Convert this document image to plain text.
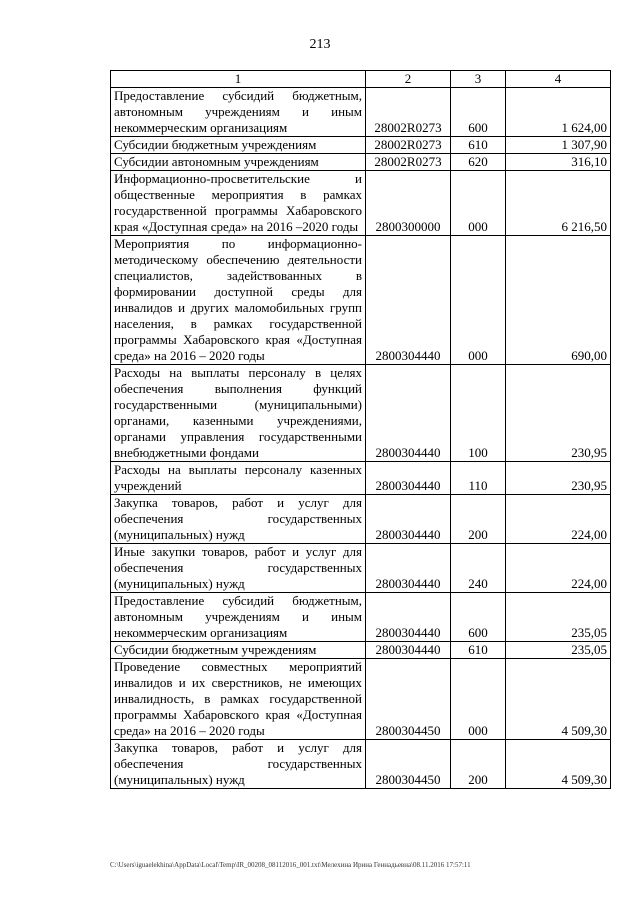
213
1	2	3	4
Предоставление субсидий бюджетным, автономным учреждениям и иным некоммерческим организациям	28002R0273	600	1 624,00
Субсидии бюджетным учреждениям	28002R0273	610	1 307,90
Субсидии автономным учреждениям	28002R0273	620	316,10
Информационно-просветительские и общественные мероприятия в рамках государственной программы Хабаровского края «Доступная среда» на 2016 –2020 годы	2800300000	000	6 216,50
Мероприятия по информационно-методическому обеспечению деятельности специалистов, задействованных в формировании доступной среды для инвалидов и других маломобильных групп населения, в рамках государственной программы Хабаровского края «Доступная среда» на 2016 – 2020 годы	2800304440	000	690,00
Расходы на выплаты персоналу в целях обеспечения выполнения функций государственными (муниципальными) органами, казенными учреждениями, органами управления государственными внебюджетными фондами	2800304440	100	230,95
Расходы на выплаты персоналу казенных учреждений	2800304440	110	230,95
Закупка товаров, работ и услуг для обеспечения государственных (муниципальных) нужд	2800304440	200	224,00
Иные закупки товаров, работ и услуг для обеспечения государственных (муниципальных) нужд	2800304440	240	224,00
Предоставление субсидий бюджетным, автономным учреждениям и иным некоммерческим организациям	2800304440	600	235,05
Субсидии бюджетным учреждениям	2800304440	610	235,05
Проведение совместных мероприятий инвалидов и их сверстников, не имеющих инвалидность, в рамках государственной программы Хабаровского края «Доступная среда» на 2016 – 2020 годы	2800304450	000	4 509,30
Закупка товаров, работ и услуг для обеспечения государственных (муниципальных) нужд	2800304450	200	4 509,30
C:\Users\iguaelekhina\AppData\Local\Temp\IR_00208_08112016_001.txt\Мелехина Ирина Геннадьевна\08.11.2016 17:57:11
